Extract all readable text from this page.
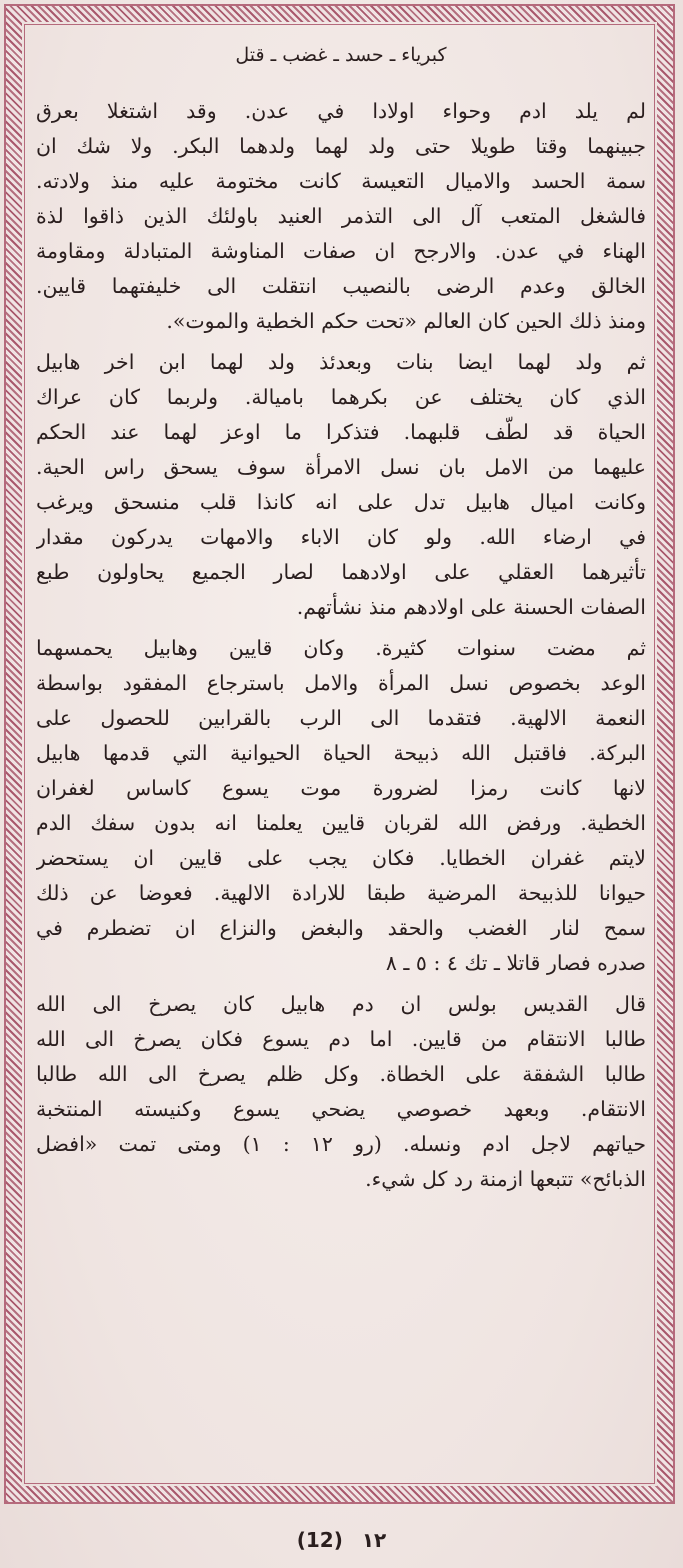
كبرياء ـ حسد ـ غضب ـ قتل
لم يلد ادم وحواء اولادا في عدن. وقد اشتغلا بعرق
جبينهما وقتا طويلا حتى ولد لهما ولدهما البكر. ولا شك ان
سمة الحسد والاميال التعيسة كانت مختومة عليه منذ ولادته.
فالشغل المتعب آل الى التذمر العنيد باولئك الذين ذاقوا لذة
الهناء في عدن. والارجح ان صفات المناوشة المتبادلة ومقاومة
الخالق وعدم الرضى بالنصيب انتقلت الى خليفتهما قايين.
ومنذ ذلك الحين كان العالم «تحت حكم الخطية والموت».
ثم ولد لهما ايضا بنات وبعدئذ ولد لهما ابن اخر هابيل
الذي كان يختلف عن بكرهما باميالة. ولربما كان عراك
الحياة قد لطّف قلبهما. فتذكرا ما اوعز لهما عند الحكم
عليهما من الامل بان نسل الامرأة سوف يسحق راس الحية.
وكانت اميال هابيل تدل على انه كانذا قلب منسحق ويرغب
في ارضاء الله. ولو كان الاباء والامهات يدركون مقدار
تأثيرهما العقلي على اولادهما لصار الجميع يحاولون طبع
الصفات الحسنة على اولادهم منذ نشأتهم.
ثم مضت سنوات كثيرة. وكان قايين وهابيل يحمسهما
الوعد بخصوص نسل المرأة والامل باسترجاع المفقود بواسطة
النعمة الالهية. فتقدما الى الرب بالقرابين للحصول على
البركة. فاقتبل الله ذبيحة الحياة الحيوانية التي قدمها هابيل
لانها كانت رمزا لضرورة موت يسوع كاساس لغفران
الخطية. ورفض الله لقربان قايين يعلمنا انه بدون سفك الدم
لايتم غفران الخطايا. فكان يجب على قايين ان يستحضر
حيوانا للذبيحة المرضية طبقا للارادة الالهية. فعوضا عن ذلك
سمح لنار الغضب والحقد والبغض والنزاع ان تضطرم في
صدره فصار قاتلا ـ تك ٤ : ٥ ـ ٨
قال القديس بولس ان دم هابيل كان يصرخ الى الله
طالبا الانتقام من قايين. اما دم يسوع فكان يصرخ الى الله
طالبا الشفقة على الخطاة. وكل ظلم يصرخ الى الله طالبا
الانتقام. وبعهد خصوصي يضحي يسوع وكنيسته المنتخبة
حياتهم لاجل ادم ونسله. (رو ١٢ : ١) ومتى تمت «افضل
الذبائح» تتبعها ازمنة رد كل شيء.
(12) ١٢
